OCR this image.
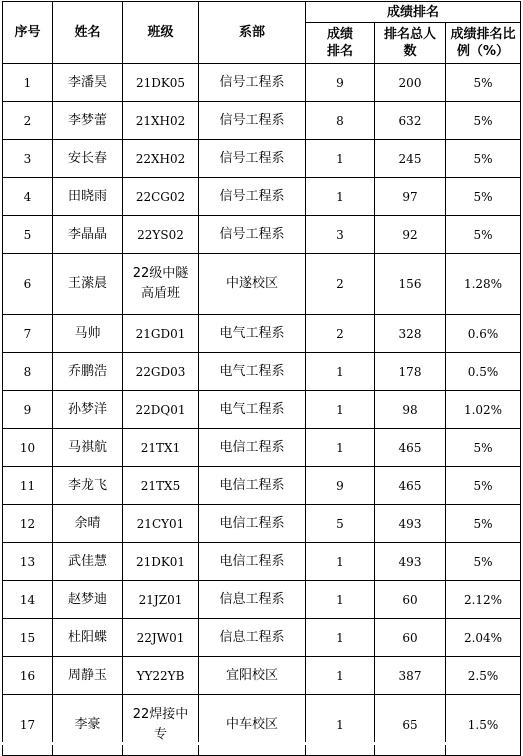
序号	姓名	班级	系部	成绩排名		

				成绩排名	排名总人数	成绩排名比例（%）

1	李潘昊	21DK05	信号工程系	9	200	5%
2	李梦蕾	21XH02	信号工程系	8	632	5%
3	安长春	22XH02	信号工程系	1	245	5%
4	田晓雨	22CG02	信号工程系	1	97	5%
5	李晶晶	22YS02	信号工程系	3	92	5%
6	王潆晨	22级中隧高盾班	中遂校区	2	156	1.28%
7	马帅	21GD01	电气工程系	2	328	0.6%
8	乔鹏浩	22GD03	电气工程系	1	178	0.5%
9	孙梦洋	22DQ01	电气工程系	1	98	1.02%
10	马祺航	21TX1	电信工程系	1	465	5%
11	李龙飞	21TX5	电信工程系	9	465	5%
12	余晴	21CY01	电信工程系	5	493	5%
13	武佳慧	21DK01	电信工程系	1	493	5%
14	赵梦迪	21JZ01	信息工程系	1	60	2.12%
15	杜阳蝶	22JW01	信息工程系	1	60	2.04%
16	周静玉	YY22YB	宜阳校区	1	387	2.5%
17	李豪	22焊接中专	中车校区	1	65	1.5%
